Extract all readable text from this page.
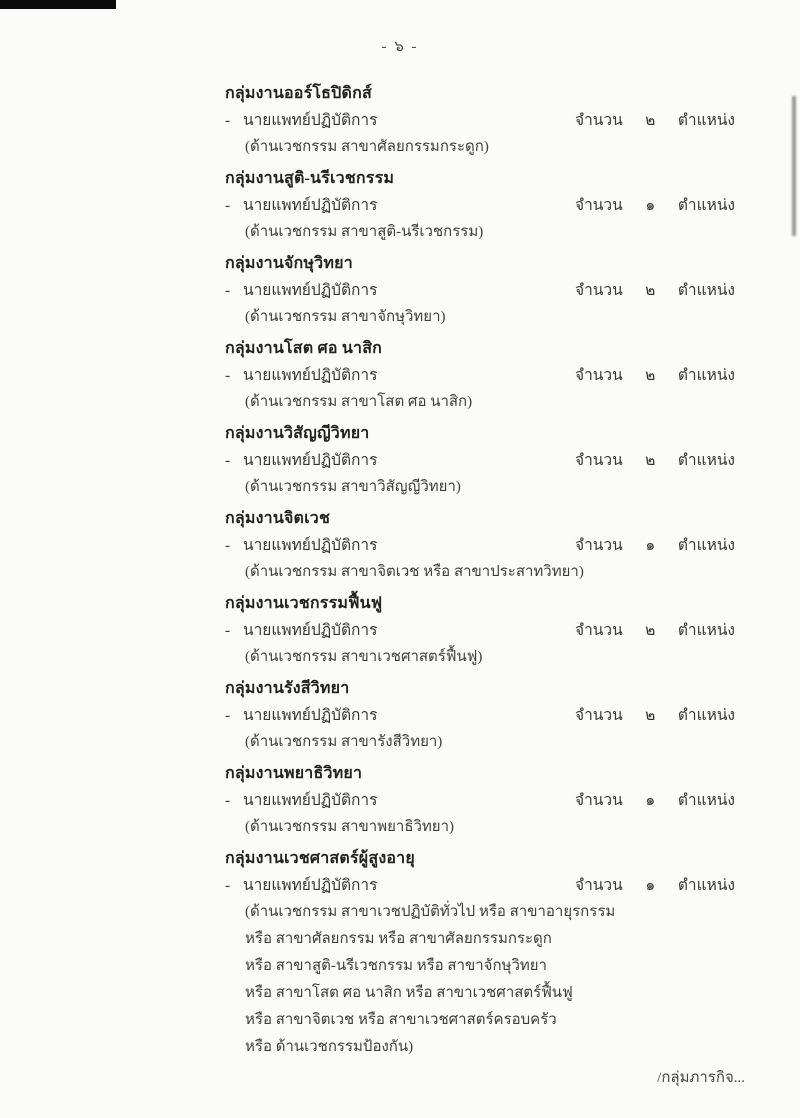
- ๖ -
กลุ่มงานออร์โธปิดิกส์
- นายแพทย์ปฏิบัติการ	จำนวน	๒	ตำแหน่ง
(ด้านเวชกรรม สาขาศัลยกรรมกระดูก)
กลุ่มงานสูติ-นรีเวชกรรม
- นายแพทย์ปฏิบัติการ	จำนวน	๑	ตำแหน่ง
(ด้านเวชกรรม สาขาสูติ-นรีเวชกรรม)
กลุ่มงานจักษุวิทยา
- นายแพทย์ปฏิบัติการ	จำนวน	๒	ตำแหน่ง
(ด้านเวชกรรม สาขาจักษุวิทยา)
กลุ่มงานโสต ศอ นาสิก
- นายแพทย์ปฏิบัติการ	จำนวน	๒	ตำแหน่ง
(ด้านเวชกรรม สาขาโสต ศอ นาสิก)
กลุ่มงานวิสัญญีวิทยา
- นายแพทย์ปฏิบัติการ	จำนวน	๒	ตำแหน่ง
(ด้านเวชกรรม สาขาวิสัญญีวิทยา)
กลุ่มงานจิตเวช
- นายแพทย์ปฏิบัติการ	จำนวน	๑	ตำแหน่ง
(ด้านเวชกรรม สาขาจิตเวช หรือ สาขาประสาทวิทยา)
กลุ่มงานเวชกรรมฟื้นฟู
- นายแพทย์ปฏิบัติการ	จำนวน	๒	ตำแหน่ง
(ด้านเวชกรรม สาขาเวชศาสตร์ฟื้นฟู)
กลุ่มงานรังสีวิทยา
- นายแพทย์ปฏิบัติการ	จำนวน	๒	ตำแหน่ง
(ด้านเวชกรรม สาขารังสีวิทยา)
กลุ่มงานพยาธิวิทยา
- นายแพทย์ปฏิบัติการ	จำนวน	๑	ตำแหน่ง
(ด้านเวชกรรม สาขาพยาธิวิทยา)
กลุ่มงานเวชศาสตร์ผู้สูงอายุ
- นายแพทย์ปฏิบัติการ	จำนวน	๑	ตำแหน่ง
(ด้านเวชกรรม สาขาเวชปฏิบัติทั่วไป หรือ สาขาอายุรกรรม
หรือ สาขาศัลยกรรม หรือ สาขาศัลยกรรมกระดูก
หรือ สาขาสูติ-นรีเวชกรรม หรือ สาขาจักษุวิทยา
หรือ สาขาโสต ศอ นาสิก หรือ สาขาเวชศาสตร์ฟื้นฟู
หรือ สาขาจิตเวช หรือ สาขาเวชศาสตร์ครอบครัว
หรือ ด้านเวชกรรมป้องกัน)
/กลุ่มภารกิจ...
